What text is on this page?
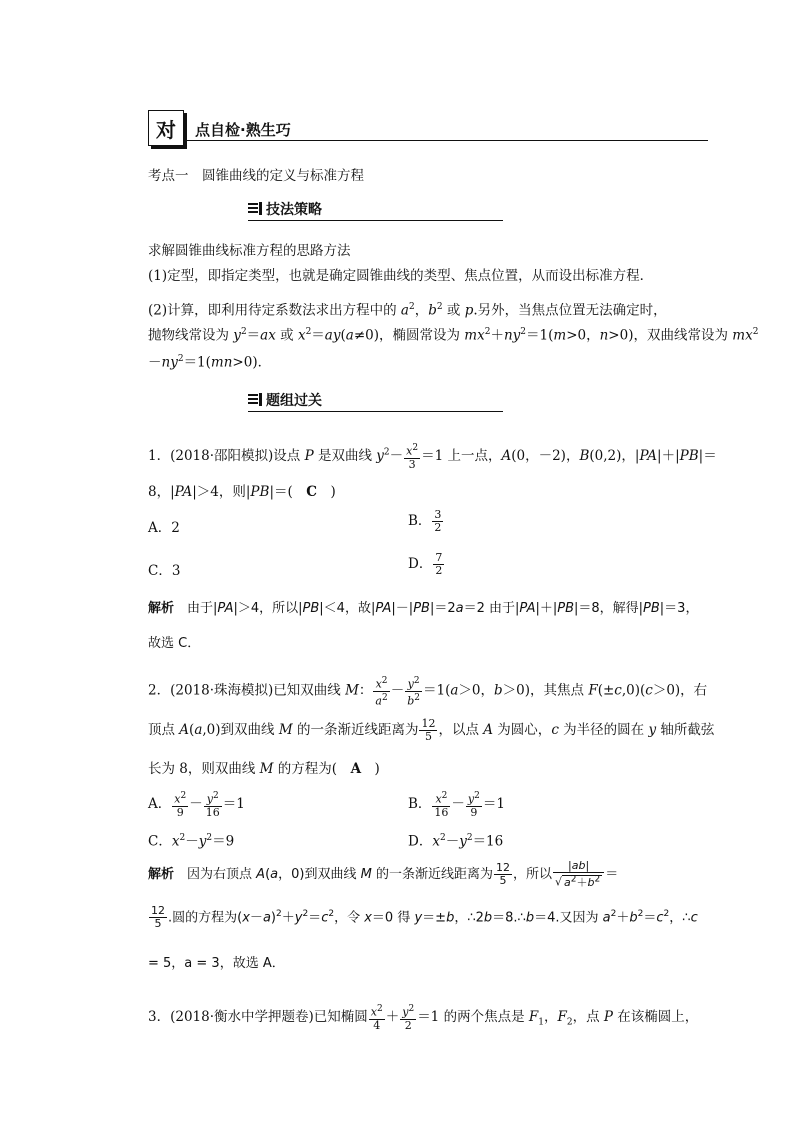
对 点自检·熟生巧
考点一　圆锥曲线的定义与标准方程
技法策略
求解圆锥曲线标准方程的思路方法
(1)定型，即指定类型，也就是确定圆锥曲线的类型、焦点位置，从而设出标准方程．
(2)计算，即利用待定系数法求出方程中的 $a^2$，$b^2$ 或 p.另外，当焦点位置无法确定时，
抛物线常设为 $y^2=ax$ 或 $x^2=ay(a\ne 0)$，椭圆常设为 $mx^2+ny^2=1(m>0$，n>0)，双曲线常设为 $mx^2$
$-ny^2=1(mn>0)$．
题组过关
1．(2018·邵阳模拟)设点 P 是双曲线 $y^2- \frac{x^2}{3} =1$ 上一点，A(0，－2)，B(0,2)，|PA|＋|PB|＝
8，|PA|＞4，则|PB|＝(　C　)
A．2	B． $\frac{3}{2}$
C．3	D． $\frac{7}{2}$
解析　由于|PA|＞4，所以|PB|＜4，故|PA|－|PB|＝2a＝2 由于|PA|＋|PB|＝8，解得|PB|＝3，
故选 C．
2．(2018·珠海模拟)已知双曲线 M： $\frac{x^2}{a^2} - \frac{y^2}{b^2} =1(a>0$，b＞0)，其焦点 F(±c,0)(c＞0)，右
顶点 A(a,0)到双曲线 M 的一条渐近线距离为 $\frac{12}{5}$ ，以点 A 为圆心，c 为半径的圆在 y 轴所截弦
长为 8，则双曲线 M 的方程为(　A　)
A． $\frac{x^2}{9} - \frac{y^2}{16} =1$	B． $\frac{x^2}{16} - \frac{y^2}{9} =1$
C．$x^2-y^2=9$	D．$x^2-y^2=16$
解析　因为右顶点 A(a，0)到双曲线 M 的一条渐近线距离为 $\frac{12}{5}$ ，所以 $\frac{|ab|}{√ a^2+b^2}$ ＝
$\frac{12}{5}$ .圆的方程为$(x-a)^2+y^2=c^2$，令 x＝0 得 y＝±b，∴2b＝8.∴b＝4.又因为 $a^2+b^2=c^2$，∴c
= 5，a = 3，故选 A．
3．(2018·衡水中学押题卷)已知椭圆 $\frac{x^2}{4} + \frac{y^2}{2} =1$ 的两个焦点是 $F_1$，$F_2$，点 P 在该椭圆上，
